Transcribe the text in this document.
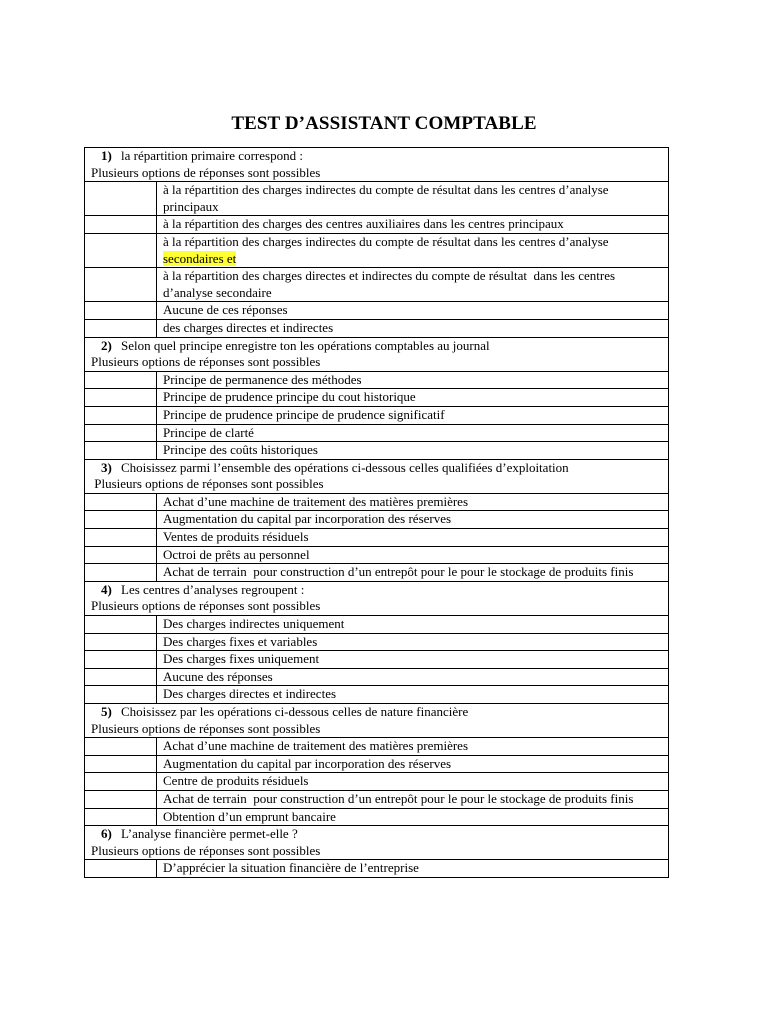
TEST D’ASSISTANT COMPTABLE
1) la répartition primaire correspond :
Plusieurs options de réponses sont possibles	

	à la répartition des charges indirectes du compte de résultat dans les centres d’analyse principaux
	à la répartition des charges des centres auxiliaires dans les centres principaux
	à la répartition des charges indirectes du compte de résultat dans les centres d’analyse secondaires et
	à la répartition des charges directes et indirectes du compte de résultat  dans les centres d’analyse secondaire
	Aucune de ces réponses
	des charges directes et indirectes

2) Selon quel principe enregistre ton les opérations comptables au journal
Plusieurs options de réponses sont possibles	

	Principe de permanence des méthodes
	Principe de prudence principe du cout historique
	Principe de prudence principe de prudence significatif
	Principe de clarté
	Principe des coûts historiques

3) Choisissez parmi l’ensemble des opérations ci-dessous celles qualifiées d’exploitation
Plusieurs options de réponses sont possibles	

	Achat d’une machine de traitement des matières premières
	Augmentation du capital par incorporation des réserves
	Ventes de produits résiduels
	Octroi de prêts au personnel
	Achat de terrain  pour construction d’un entrepôt pour le pour le stockage de produits finis

4) Les centres d’analyses regroupent :
Plusieurs options de réponses sont possibles	

	Des charges indirectes uniquement
	Des charges fixes et variables
	Des charges fixes uniquement
	Aucune des réponses
	Des charges directes et indirectes

5) Choisissez par les opérations ci-dessous celles de nature financière
Plusieurs options de réponses sont possibles	

	Achat d’une machine de traitement des matières premières
	Augmentation du capital par incorporation des réserves
	Centre de produits résiduels
	Achat de terrain  pour construction d’un entrepôt pour le pour le stockage de produits finis
	Obtention d’un emprunt bancaire

6) L’analyse financière permet-elle ?
Plusieurs options de réponses sont possibles	

	D’apprécier la situation financière de l’entreprise
